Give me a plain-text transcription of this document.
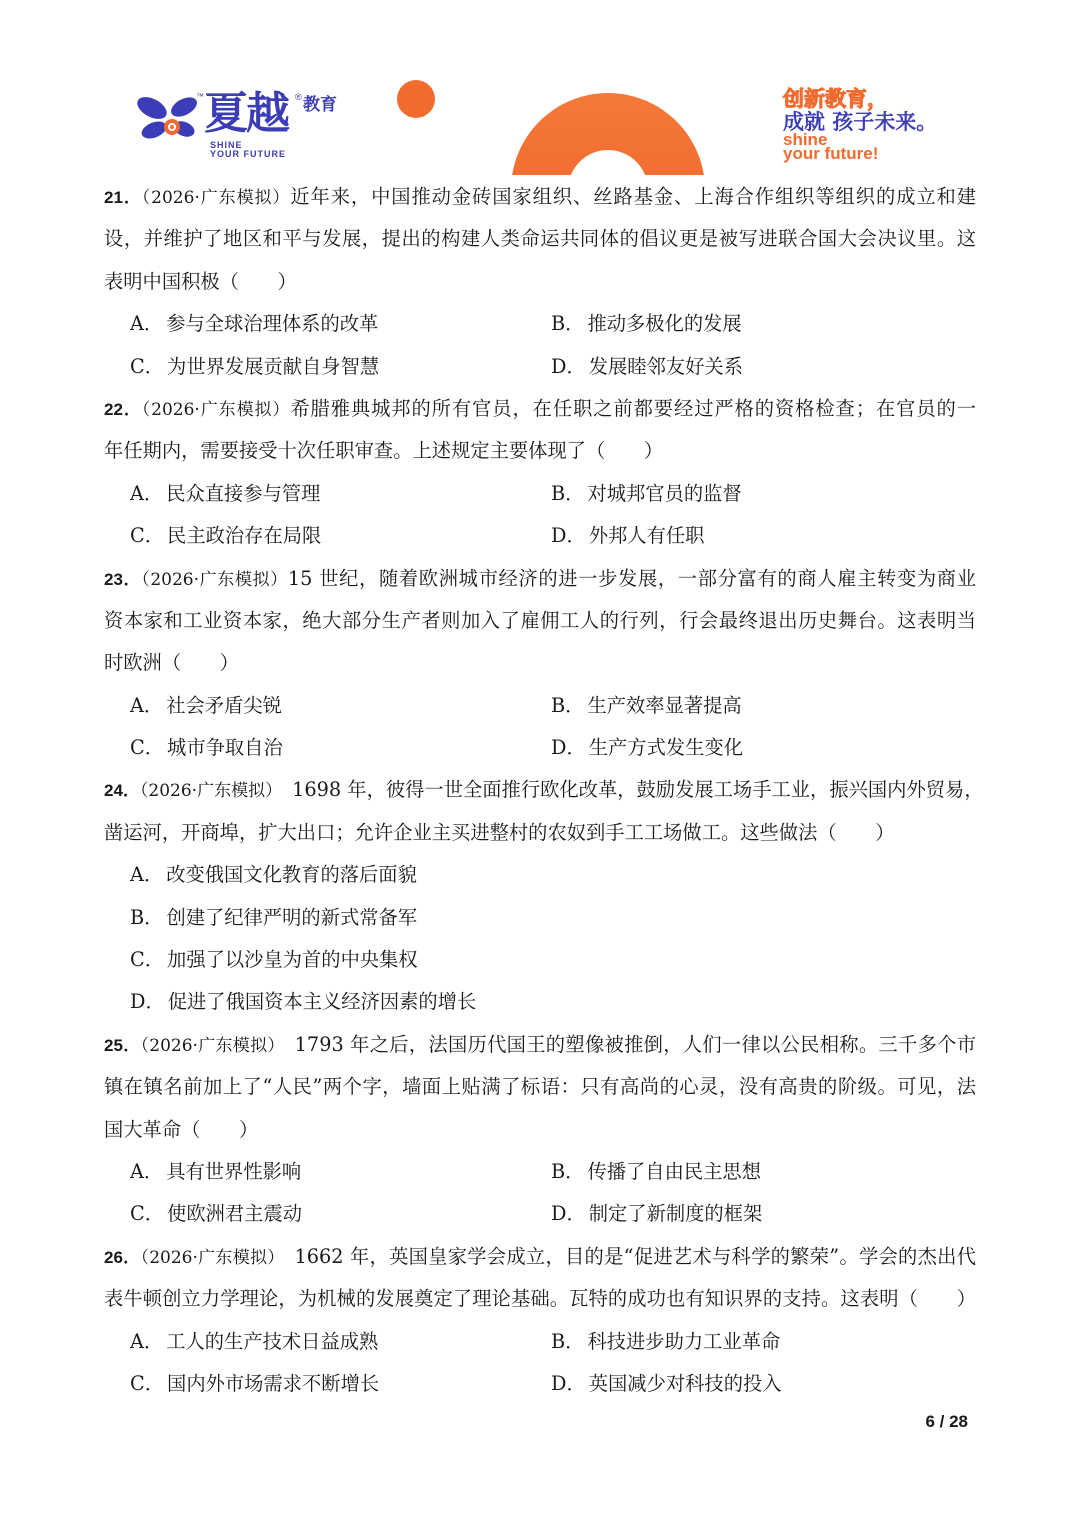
™ 夏越 ® 教育
SHINE
YOUR FUTURE
创新教育，
成就 孩子未来。
shine
your future!
21．（2026·广东模拟）近年来，中国推动金砖国家组织、丝路基金、上海合作组织等组织的成立和建
设，并维护了地区和平与发展，提出的构建人类命运共同体的倡议更是被写进联合国大会决议里。这
表明中国积极（　　）
A． 参与全球治理体系的改革	B． 推动多极化的发展
C． 为世界发展贡献自身智慧	D． 发展睦邻友好关系
22．（2026·广东模拟）希腊雅典城邦的所有官员，在任职之前都要经过严格的资格检查；在官员的一
年任期内，需要接受十次任职审查。上述规定主要体现了（　　）
A． 民众直接参与管理	B． 对城邦官员的监督
C． 民主政治存在局限	D． 外邦人有任职
23．（2026·广东模拟）15 世纪，随着欧洲城市经济的进一步发展，一部分富有的商人雇主转变为商业
资本家和工业资本家，绝大部分生产者则加入了雇佣工人的行列，行会最终退出历史舞台。这表明当
时欧洲（　　）
A． 社会矛盾尖锐	B． 生产效率显著提高
C． 城市争取自治	D． 生产方式发生变化
24．（2026·广东模拟） 1698 年，彼得一世全面推行欧化改革，鼓励发展工场手工业，振兴国内外贸易，
凿运河，开商埠，扩大出口；允许企业主买进整村的农奴到手工工场做工。这些做法（　　）
A． 改变俄国文化教育的落后面貌
B． 创建了纪律严明的新式常备军
C． 加强了以沙皇为首的中央集权
D． 促进了俄国资本主义经济因素的增长
25．（2026·广东模拟） 1793 年之后，法国历代国王的塑像被推倒，人们一律以公民相称。三千多个市
镇在镇名前加上了“人民”两个字，墙面上贴满了标语：只有高尚的心灵，没有高贵的阶级。可见，法
国大革命（　　）
A． 具有世界性影响	B． 传播了自由民主思想
C． 使欧洲君主震动	D． 制定了新制度的框架
26．（2026·广东模拟） 1662 年，英国皇家学会成立，目的是“促进艺术与科学的繁荣”。学会的杰出代
表牛顿创立力学理论，为机械的发展奠定了理论基础。瓦特的成功也有知识界的支持。这表明（　　）
A． 工人的生产技术日益成熟	B． 科技进步助力工业革命
C． 国内外市场需求不断增长	D． 英国减少对科技的投入
6 / 28
